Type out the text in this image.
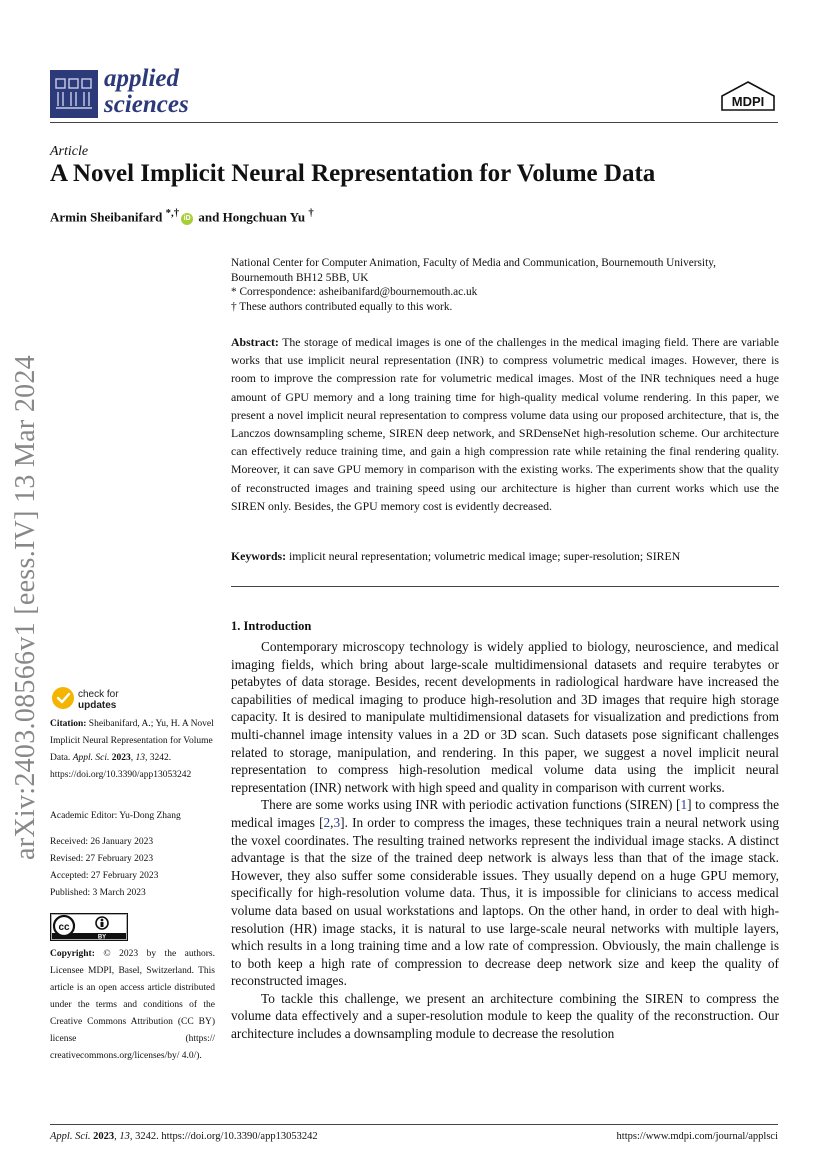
applied
sciences	MDPI
Article
A Novel Implicit Neural Representation for Volume Data
Armin Sheibanifard *,† iD and Hongchuan Yu †
National Center for Computer Animation, Faculty of Media and Communication, Bournemouth University, Bournemouth BH12 5BB, UK
* Correspondence: asheibanifard@bournemouth.ac.uk
† These authors contributed equally to this work.
Abstract: The storage of medical images is one of the challenges in the medical imaging field. There are variable works that use implicit neural representation (INR) to compress volumetric medical images. However, there is room to improve the compression rate for volumetric medical images. Most of the INR techniques need a huge amount of GPU memory and a long training time for high-quality medical volume rendering. In this paper, we present a novel implicit neural representation to compress volume data using our proposed architecture, that is, the Lanczos downsampling scheme, SIREN deep network, and SRDenseNet high-resolution scheme. Our architecture can effectively reduce training time, and gain a high compression rate while retaining the final rendering quality. Moreover, it can save GPU memory in comparison with the existing works. The experiments show that the quality of reconstructed images and training speed using our architecture is higher than current works which use the SIREN only. Besides, the GPU memory cost is evidently decreased.
Keywords: implicit neural representation; volumetric medical image; super-resolution; SIREN
1. Introduction

Contemporary microscopy technology is widely applied to biology, neuroscience, and medical imaging fields, which bring about large-scale multidimensional datasets and require terabytes or petabytes of data storage. Besides, recent developments in radiological hardware have increased the capabilities of medical imaging to produce high-resolution and 3D images that require high storage capacity. It is desired to manipulate multidimensional datasets for visualization and predictions from multi-channel image intensity values in a 2D or 3D scan. Such datasets pose significant challenges related to storage, manipulation, and rendering. In this paper, we suggest a novel implicit neural representation to compress high-resolution medical volume data using the implicit neural representation (INR) network with high speed and quality in comparison with current works.

There are some works using INR with periodic activation functions (SIREN) [1] to compress the medical images [2,3]. In order to compress the images, these techniques train a neural network using the voxel coordinates. The resulting trained networks represent the individual image stacks. A distinct advantage is that the size of the trained deep network is always less than that of the image stack. However, they also suffer some considerable issues. They usually depend on a huge GPU memory, specifically for high-resolution volume data. Thus, it is impossible for clinicians to access medical volume data based on usual workstations and laptops. On the other hand, in order to deal with high-resolution (HR) image stacks, it is natural to use large-scale neural networks with multiple layers, which results in a long training time and a low rate of compression. Obviously, the main challenge is to both keep a high rate of compression to decrease deep network size and keep the quality of reconstructed images.

To tackle this challenge, we present an architecture combining the SIREN to compress the volume data effectively and a super-resolution module to keep the quality of the reconstruction. Our architecture includes a downsampling module to decrease the resolution

arXiv:2403.08566v1 [eess.IV] 13 Mar 2024	check for
updates
Citation: Sheibanifard, A.; Yu, H. A Novel Implicit Neural Representation for Volume Data. Appl. Sci. 2023, 13, 3242. https://doi.org/10.3390/app13053242
Academic Editor: Yu-Dong Zhang
Received: 26 January 2023
Revised: 27 February 2023
Accepted: 27 February 2023
Published: 3 March 2023
cc
BY
Copyright: © 2023 by the authors. Licensee MDPI, Basel, Switzerland. This article is an open access article distributed under the terms and conditions of the Creative Commons Attribution (CC BY) license (https:// creativecommons.org/licenses/by/ 4.0/).
Appl. Sci. 2023, 13, 3242. https://doi.org/10.3390/app13053242	https://www.mdpi.com/journal/applsci
